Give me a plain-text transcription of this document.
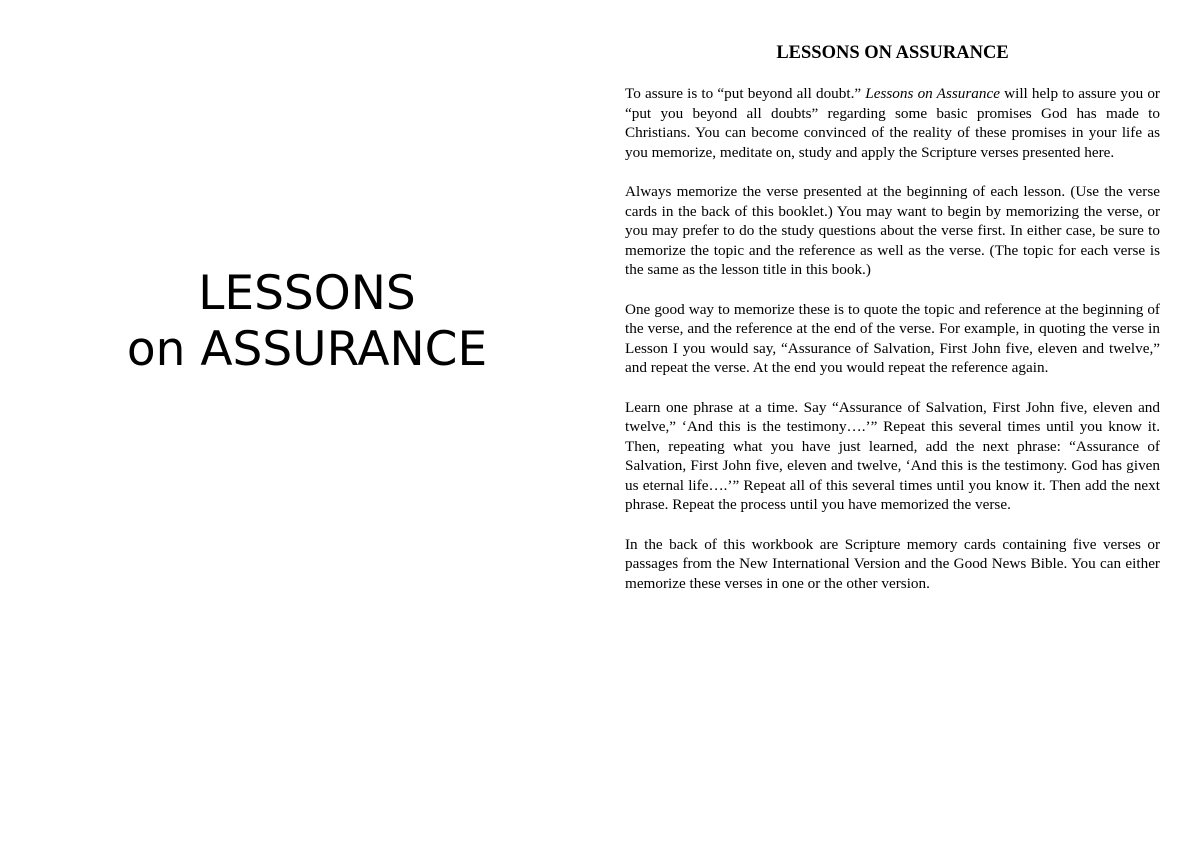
LESSONS
on ASSURANCE
LESSONS ON ASSURANCE

To assure is to “put beyond all doubt.” Lessons on Assurance will help to assure you or “put you beyond all doubts” regarding some basic promises God has made to Christians. You can become convinced of the reality of these promises in your life as you memorize, meditate on, study and apply the Scripture verses presented here.

Always memorize the verse presented at the beginning of each lesson. (Use the verse cards in the back of this booklet.) You may want to begin by memorizing the verse, or you may prefer to do the study questions about the verse first. In either case, be sure to memorize the topic and the reference as well as the verse. (The topic for each verse is the same as the lesson title in this book.)

One good way to memorize these is to quote the topic and reference at the beginning of the verse, and the reference at the end of the verse. For example, in quoting the verse in Lesson I you would say, “Assurance of Salvation, First John five, eleven and twelve,” and repeat the verse. At the end you would repeat the reference again.

Learn one phrase at a time. Say “Assurance of Salvation, First John five, eleven and twelve,” ‘And this is the testimony….’” Repeat this several times until you know it. Then, repeating what you have just learned, add the next phrase: “Assurance of Salvation, First John five, eleven and twelve, ‘And this is the testimony. God has given us eternal life….’” Repeat all of this several times until you know it. Then add the next phrase. Repeat the process until you have memorized the verse.

In the back of this workbook are Scripture memory cards containing five verses or passages from the New International Version and the Good News Bible. You can either memorize these verses in one or the other version.
